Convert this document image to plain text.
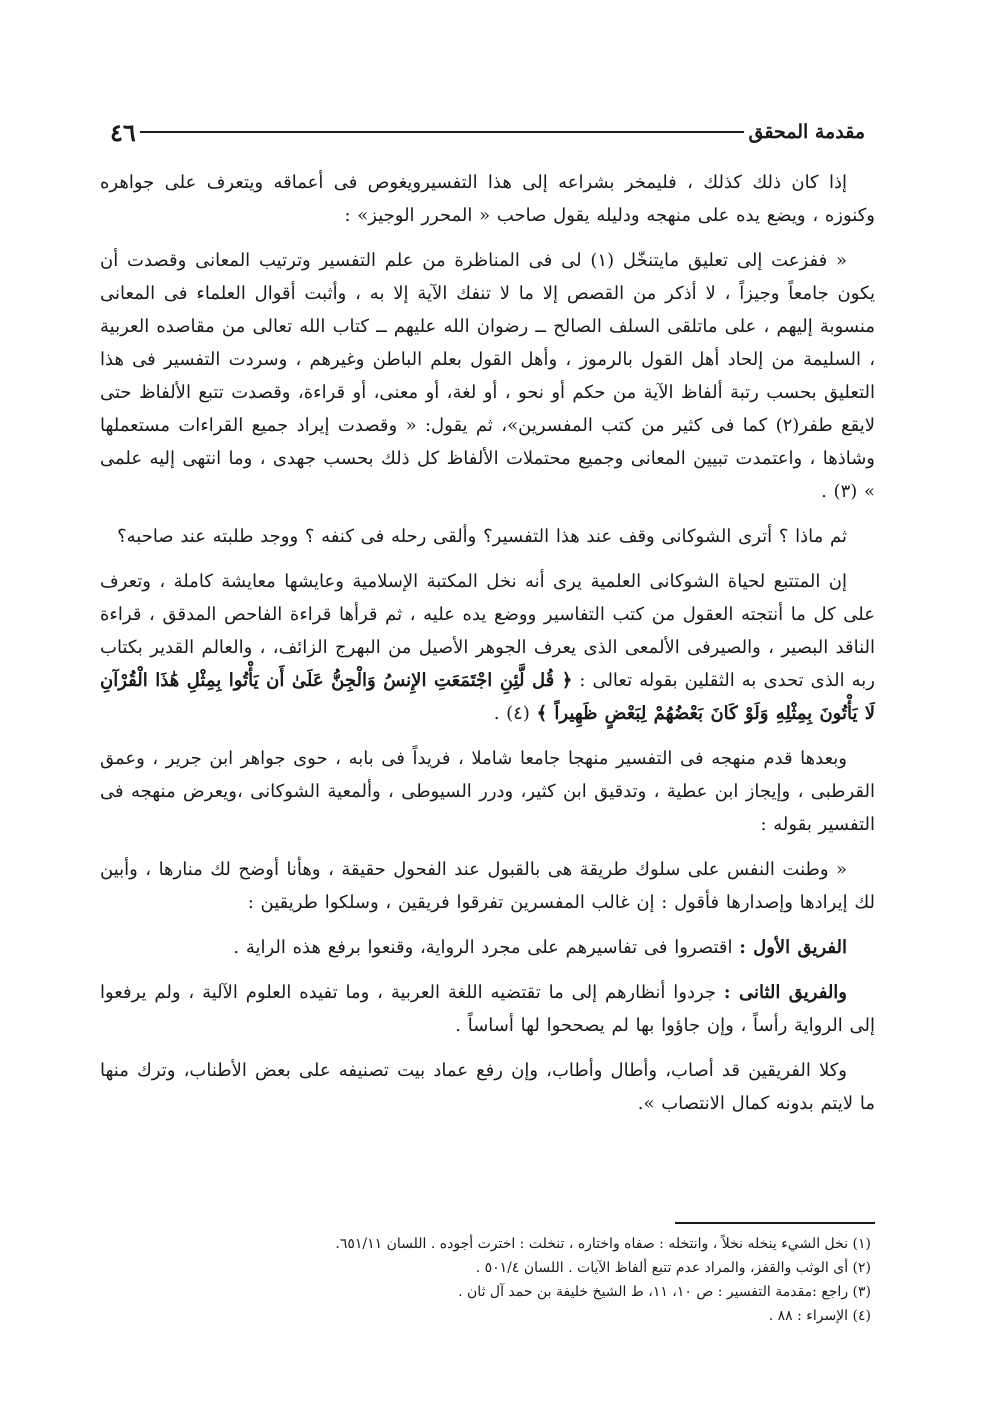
مقدمة المحقق
٤٦

إذا كان ذلك كذلك ، فليمخر بشراعه إلى هذا التفسيرويغوص فى أعماقه ويتعرف على جواهره وكنوزه ، ويضع يده على منهجه ودليله يقول صاحب « المحرر الوجيز» :

« ففزعت إلى تعليق مايتنخّل (١) لى فى المناظرة من علم التفسير وترتيب المعانى وقصدت أن يكون جامعاً وجيزاً ، لا أذكر من القصص إلا ما لا تنفك الآية إلا به ، وأثبت أقوال العلماء فى المعانى منسوبة إليهم ، على ماتلقى السلف الصالح ــ رضوان الله عليهم ــ كتاب الله تعالى من مقاصده العربية ، السليمة من إلحاد أهل القول بالرموز ، وأهل القول بعلم الباطن وغيرهم ، وسردت التفسير فى هذا التعليق بحسب رتبة ألفاظ الآية من حكم أو نحو ، أو لغة، أو معنى، أو قراءة، وقصدت تتبع الألفاظ حتى لايقع طفر(٢) كما فى كثير من كتب المفسرين»، ثم يقول: « وقصدت إيراد جميع القراءات مستعملها وشاذها ، واعتمدت تبيين المعانى وجميع محتملات الألفاظ كل ذلك بحسب جهدى ، وما انتهى إليه علمى » (٣) .

ثم ماذا ؟ أترى الشوكانى وقف عند هذا التفسير؟ وألقى رحله فى كنفه ؟ ووجد طلبته عند صاحبه؟

إن المتتبع لحياة الشوكانى العلمية يرى أنه نخل المكتبة الإسلامية وعايشها معايشة كاملة ، وتعرف على كل ما أنتجته العقول من كتب التفاسير ووضع يده عليه ، ثم قرأها قراءة الفاحص المدقق ، قراءة الناقد البصير ، والصيرفى الألمعى الذى يعرف الجوهر الأصيل من البهرج الزائف، ، والعالم القدير بكتاب ربه الذى تحدى به الثقلين بقوله تعالى : ﴿ قُل لَّئِنِ اجْتَمَعَتِ الإِنسُ وَالْجِنُّ عَلَىٰ أَن يَأْتُوا بِمِثْلِ هَٰذَا الْقُرْآنِ لَا يَأْتُونَ بِمِثْلِهِ وَلَوْ كَانَ بَعْضُهُمْ لِبَعْضٍ ظَهِيراً ﴾ (٤) .

وبعدها قدم منهجه فى التفسير منهجا جامعا شاملا ، فريداً فى بابه ، حوى جواهر ابن جرير ، وعمق القرطبى ، وإيجاز ابن عطية ، وتدقيق ابن كثير، ودرر السيوطى ، وألمعية الشوكانى ،ويعرض منهجه فى التفسير بقوله :

« وطنت النفس على سلوك طريقة هى بالقبول عند الفحول حقيقة ، وهأنا أوضح لك منارها ، وأبين لك إيرادها وإصدارها فأقول : إن غالب المفسرين تفرقوا فريقين ، وسلكوا طريقين :

الفريق الأول : اقتصروا فى تفاسيرهم على مجرد الرواية، وقنعوا برفع هذه الراية .

والفريق الثانى : جردوا أنظارهم إلى ما تقتضيه اللغة العربية ، وما تفيده العلوم الآلية ، ولم يرفعوا إلى الرواية رأساً ، وإن جاؤوا بها لم يصححوا لها أساساً .

وكلا الفريقين قد أصاب، وأطال وأطاب، وإن رفع عماد بيت تصنيفه على بعض الأطناب، وترك منها ما لايتم بدونه كمال الانتصاب ».

(١) نخل الشيء ينخله نخلاً ، وانتخله : صفاه واختاره ، تنخلت : اخترت أجوده . اللسان ٦٥١/١١.

(٢) أى الوثب والقفز، والمراد عدم تتبع ألفاظ الآيات . اللسان ٥٠١/٤ .

(٣) راجع :مقدمة التفسير : ص ١٠، ١١، ط الشيخ خليفة بن حمد آل ثان .

(٤) الإسراء : ٨٨ .
